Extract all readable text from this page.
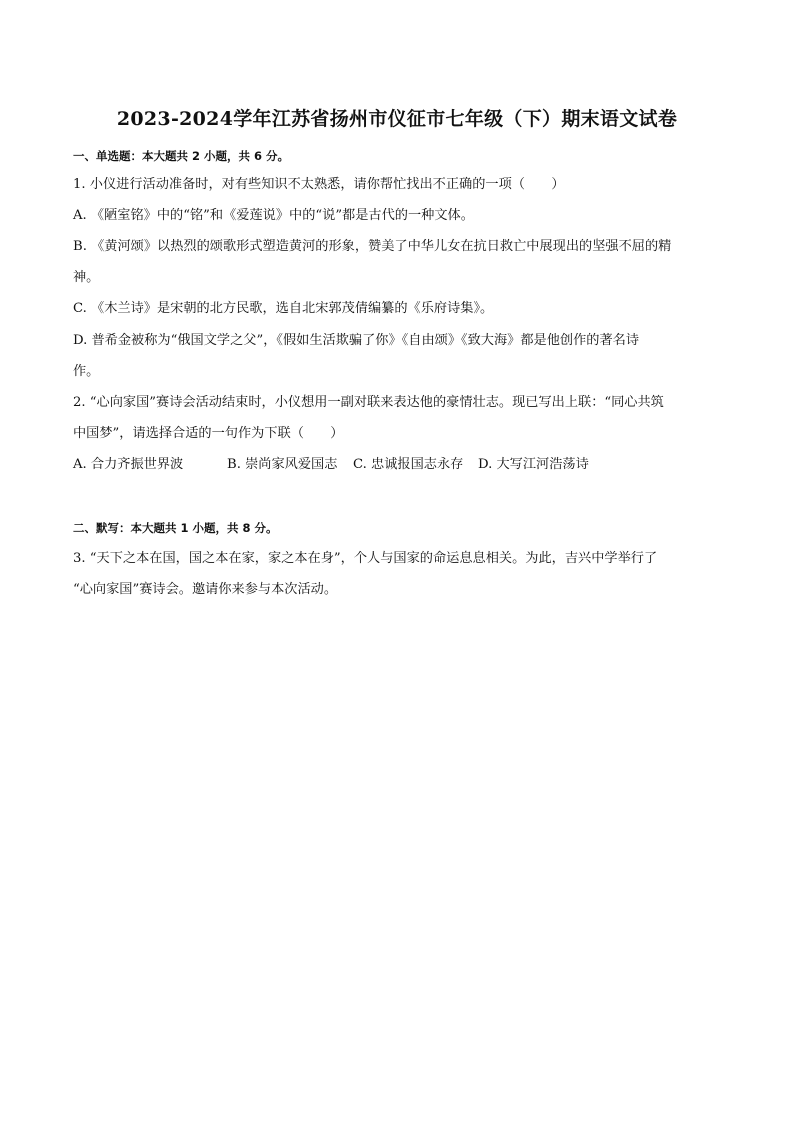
2023-2024学年江苏省扬州市仪征市七年级（下）期末语文试卷
一、单选题：本大题共 2 小题，共 6 分。
1. 小仪进行活动准备时，对有些知识不太熟悉，请你帮忙找出不正确的一项（　　）
A. 《陋室铭》中的“铭”和《爱莲说》中的“说”都是古代的一种文体。
B. 《黄河颂》以热烈的颂歌形式塑造黄河的形象，赞美了中华儿女在抗日救亡中展现出的坚强不屈的精
神。
C. 《木兰诗》是宋朝的北方民歌，选自北宋郭茂倩编纂的《乐府诗集》。
D. 普希金被称为“俄国文学之父”，《假如生活欺骗了你》《自由颂》《致大海》都是他创作的著名诗
作。
2. “心向家国”赛诗会活动结束时，小仪想用一副对联来表达他的豪情壮志。现已写出上联：“同心共筑
中国梦”，请选择合适的一句作为下联（　　）
A. 合力齐振世界波	B. 崇尚家风爱国志 C. 忠诚报国志永存 D. 大写江河浩荡诗
二、默写：本大题共 1 小题，共 8 分。
3. “天下之本在国，国之本在家，家之本在身”，个人与国家的命运息息相关。为此，吉兴中学举行了
“心向家国”赛诗会。邀请你来参与本次活动。
